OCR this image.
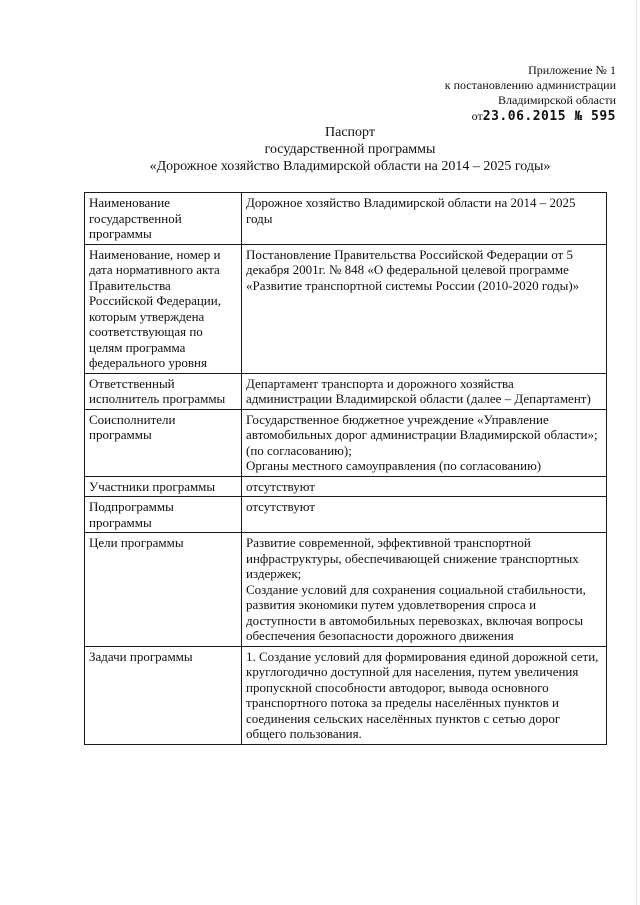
Приложение № 1
к постановлению администрации
Владимирской области
от23.06.2015 № 595
Паспорт
государственной программы
«Дорожное хозяйство Владимирской области на 2014 – 2025 годы»
Наименование государственной программы	Дорожное хозяйство Владимирской области на 2014 – 2025 годы

Наименование, номер и дата нормативного акта Правительства Российской Федерации, которым утверждена соответствующая по целям программа федерального уровня	Постановление Правительства Российской Федерации от 5 декабря 2001г. № 848 «О федеральной целевой программе «Развитие транспортной системы России (2010-2020 годы)»

Ответственный исполнитель программы	Департамент транспорта и дорожного хозяйства администрации Владимирской области (далее – Департамент)

Соисполнители программы	Государственное бюджетное учреждение «Управление автомобильных дорог администрации Владимирской области»; (по согласованию);
Органы местного самоуправления (по согласованию)

Участники программы	отсутствуют

Подпрограммы программы	отсутствуют

Цели программы	Развитие современной, эффективной транспортной инфраструктуры, обеспечивающей снижение транспортных издержек;
Создание условий для сохранения социальной стабильности, развития экономики путем удовлетворения спроса и доступности в автомобильных перевозках, включая вопросы обеспечения безопасности дорожного движения

Задачи программы	1. Создание условий для формирования единой дорожной сети, круглогодично доступной для населения, путем увеличения пропускной способности автодорог, вывода основного транспортного потока за пределы населённых пунктов и соединения сельских населённых пунктов с сетью дорог общего пользования.
